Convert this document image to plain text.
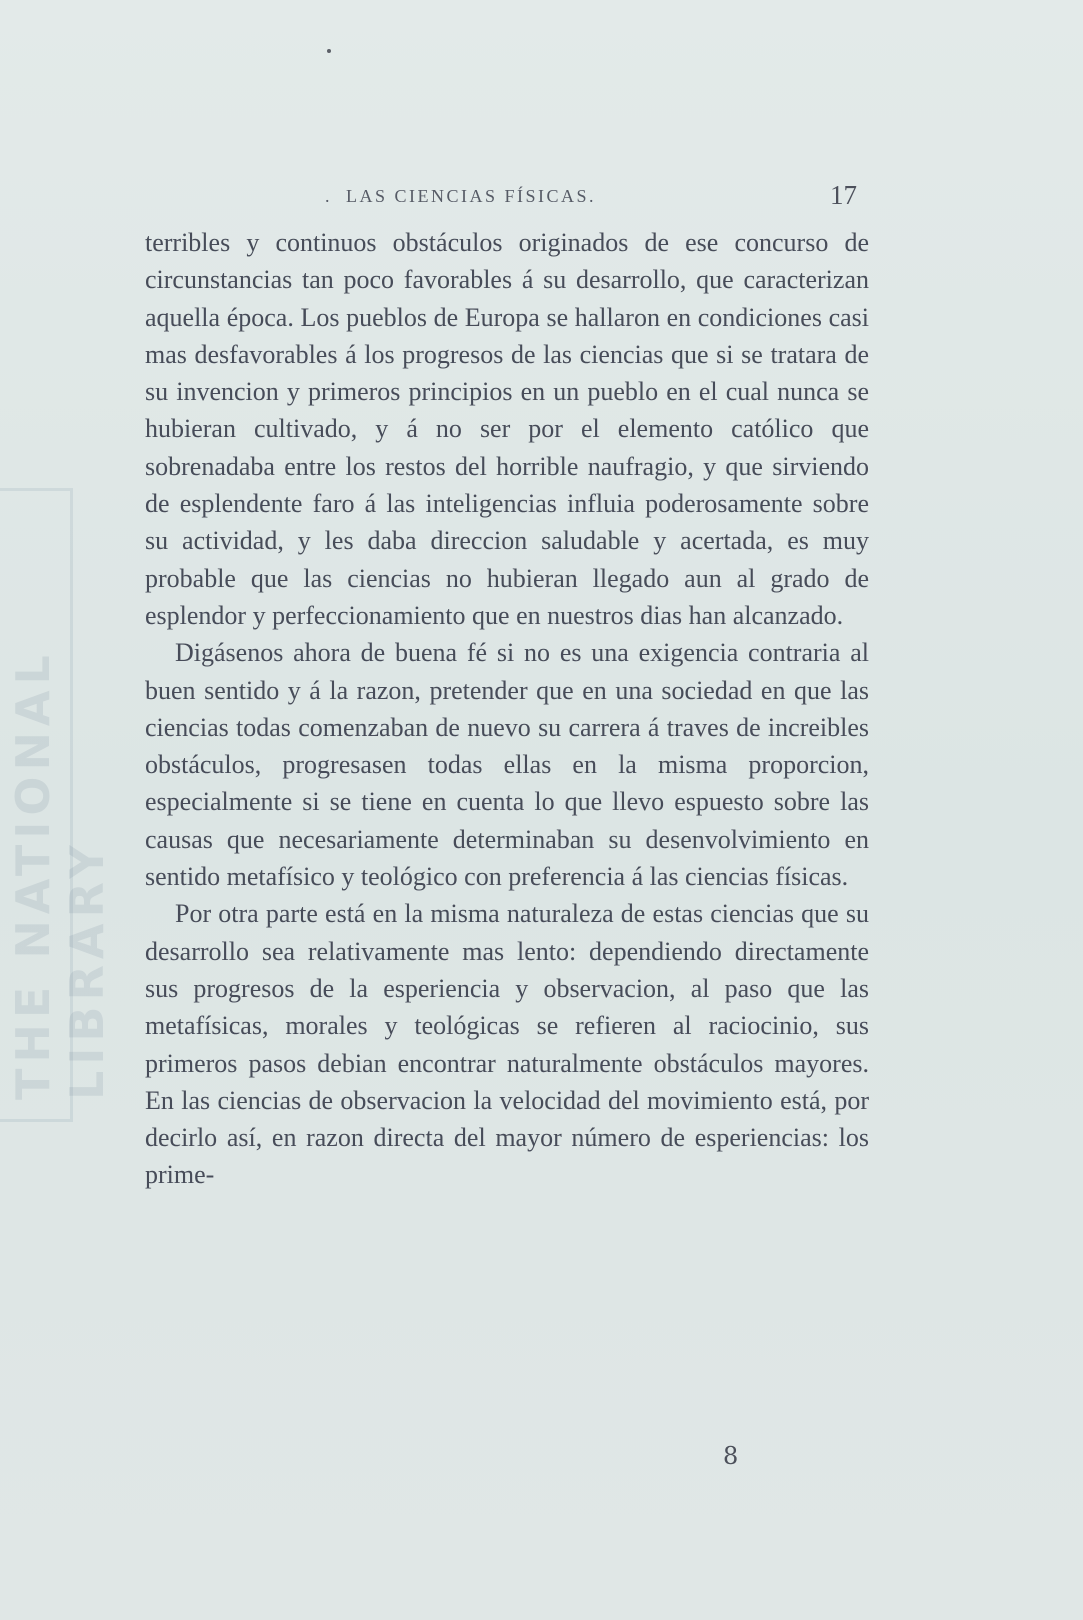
THE NATIONAL LIBRARY
. LAS CIENCIAS FÍSICAS.	17

terribles y continuos obstáculos originados de ese concurso de circunstancias tan poco favorables á su desarrollo, que caracterizan aquella época. Los pueblos de Europa se hallaron en condiciones casi mas desfavorables á los progresos de las ciencias que si se tratara de su invencion y primeros principios en un pueblo en el cual nunca se hubieran cultivado, y á no ser por el elemento católico que sobrenadaba entre los restos del horrible naufragio, y que sirviendo de esplendente faro á las inteligencias influia poderosamente sobre su actividad, y les daba direccion saludable y acertada, es muy probable que las ciencias no hubieran llegado aun al grado de esplendor y perfeccionamiento que en nuestros dias han alcanzado.

Digásenos ahora de buena fé si no es una exigencia contraria al buen sentido y á la razon, pretender que en una sociedad en que las ciencias todas comenzaban de nuevo su carrera á traves de increibles obstáculos, progresasen todas ellas en la misma proporcion, especialmente si se tiene en cuenta lo que llevo espuesto sobre las causas que necesariamente determinaban su desenvolvimiento en sentido metafísico y teológico con preferencia á las ciencias físicas.

Por otra parte está en la misma naturaleza de estas ciencias que su desarrollo sea relativamente mas lento: dependiendo directamente sus progresos de la esperiencia y observacion, al paso que las metafísicas, morales y teológicas se refieren al raciocinio, sus primeros pasos debian encontrar naturalmente obstáculos mayores. En las ciencias de observacion la velocidad del movimiento está, por decirlo así, en razon directa del mayor número de esperiencias: los prime-

8
